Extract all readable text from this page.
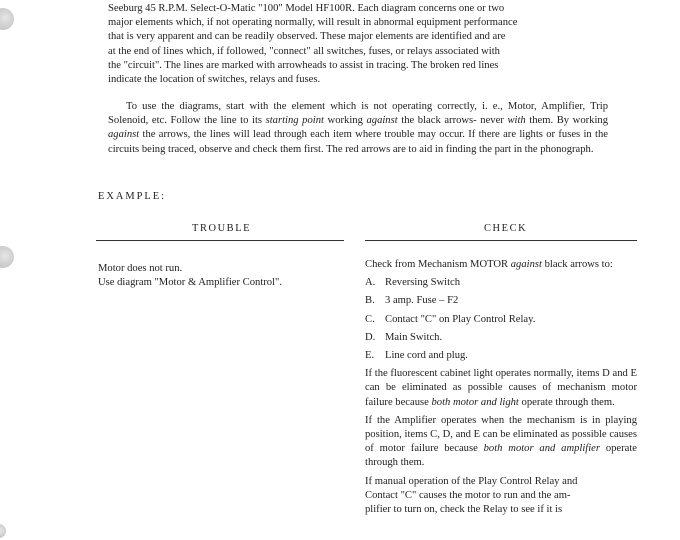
Seeburg 45 R.P.M. Select-O-Matic "100" Model HF100R. Each diagram concerns one or two
major elements which, if not operating normally, will result in abnormal equipment performance
that is very apparent and can be readily observed. These major elements are identified and are
at the end of lines which, if followed, "connect" all switches, fuses, or relays associated with
the "circuit". The lines are marked with arrowheads to assist in tracing. The broken red lines
indicate the location of switches, relays and fuses.

To use the diagrams, start with the element which is not operating correctly, i. e., Motor, Amplifier, Trip Solenoid, etc. Follow the line to its starting point working against the black arrows- never with them. By working against the arrows, the lines will lead through each item where trouble may occur. If there are lights or fuses in the circuits being traced, observe and check them first. The red arrows are to aid in finding the part in the phonograph.

EXAMPLE:
TROUBLE	CHECK
Motor does not run.
Use diagram "Motor & Amplifier Control".

Check from Mechanism MOTOR against black arrows to:

A. Reversing Switch
B. 3 amp. Fuse – F2
C. Contact "C" on Play Control Relay.
D. Main Switch.
E.	Line cord and plug.

If the fluorescent cabinet light operates normally, items D and E can be eliminated as possible causes of mechanism motor failure because both motor and light operate through them.

If the Amplifier operates when the mechanism is in playing position, items C, D, and E can be eliminated as possible causes of motor failure because both motor and amplifier operate through them.

If manual operation of the Play Control Relay and
Contact "C" causes the motor to run and the am-
plifier to turn on, check the Relay to see if it is
